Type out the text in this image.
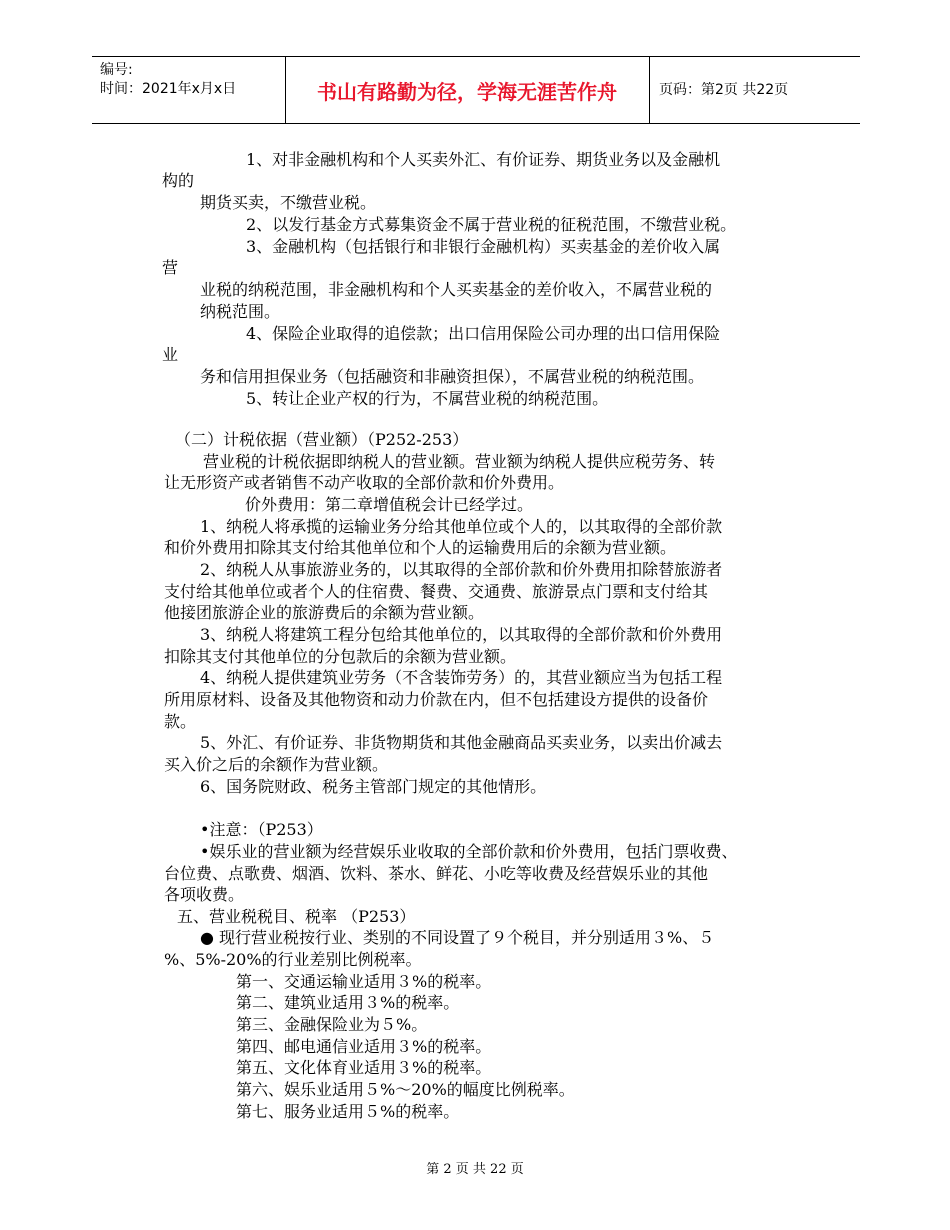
编号:
时间：2021年x月x日	书山有路勤为径，学海无涯苦作舟	页码：第2页 共22页
1、对非金融机构和个人买卖外汇、有价证券、期货业务以及金融机
构的
期货买卖，不缴营业税。
2、以发行基金方式募集资金不属于营业税的征税范围，不缴营业税。
3、金融机构（包括银行和非银行金融机构）买卖基金的差价收入属
营
业税的纳税范围，非金融机构和个人买卖基金的差价收入，不属营业税的
纳税范围。
4、保险企业取得的追偿款；出口信用保险公司办理的出口信用保险
业
务和信用担保业务（包括融资和非融资担保），不属营业税的纳税范围。
5、转让企业产权的行为，不属营业税的纳税范围。
（二）计税依据（营业额）（P252-253）
营业税的计税依据即纳税人的营业额。营业额为纳税人提供应税劳务、转
让无形资产或者销售不动产收取的全部价款和价外费用。
价外费用：第二章增值税会计已经学过。
1、纳税人将承揽的运输业务分给其他单位或个人的，以其取得的全部价款
和价外费用扣除其支付给其他单位和个人的运输费用后的余额为营业额。
2、纳税人从事旅游业务的，以其取得的全部价款和价外费用扣除替旅游者
支付给其他单位或者个人的住宿费、餐费、交通费、旅游景点门票和支付给其
他接团旅游企业的旅游费后的余额为营业额。
3、纳税人将建筑工程分包给其他单位的，以其取得的全部价款和价外费用
扣除其支付其他单位的分包款后的余额为营业额。
4、纳税人提供建筑业劳务（不含装饰劳务）的，其营业额应当为包括工程
所用原材料、设备及其他物资和动力价款在内，但不包括建设方提供的设备价
款。
5、外汇、有价证券、非货物期货和其他金融商品买卖业务，以卖出价减去
买入价之后的余额作为营业额。
6、国务院财政、税务主管部门规定的其他情形。
•注意：（P253）
•娱乐业的营业额为经营娱乐业收取的全部价款和价外费用，包括门票收费、
台位费、点歌费、烟酒、饮料、茶水、鲜花、小吃等收费及经营娱乐业的其他
各项收费。
五、营业税税目、税率 （P253）
● 现行营业税按行业、类别的不同设置了９个税目，并分别适用３%、５
%、5%-20%的行业差别比例税率。
第一、交通运输业适用３%的税率。
第二、建筑业适用３%的税率。
第三、金融保险业为５%。
第四、邮电通信业适用３%的税率。
第五、文化体育业适用３%的税率。
第六、娱乐业适用５%～20%的幅度比例税率。
第七、服务业适用５%的税率。
第 2 页 共 22 页
